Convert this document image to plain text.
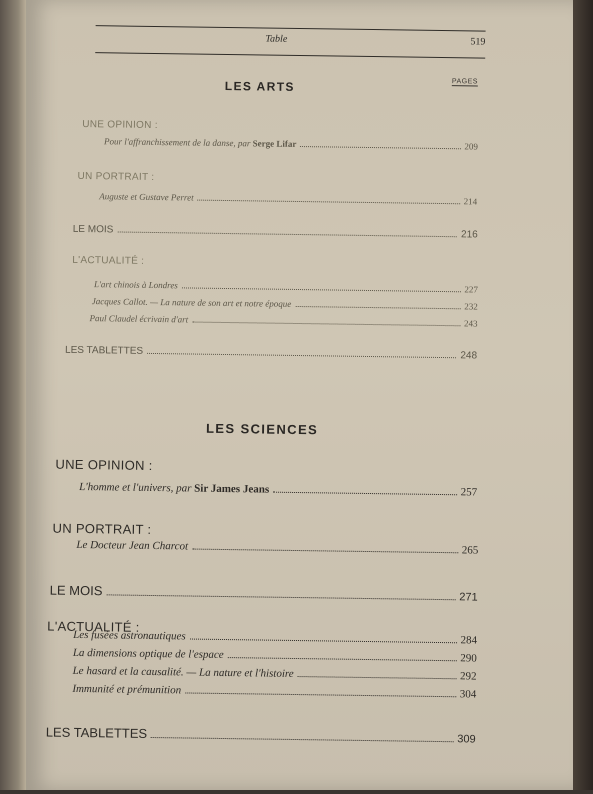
Table	519
LES ARTS	PAGES
UNE OPINION :
Pour l'affranchissement de la danse, par Serge Lifar	209
UN PORTRAIT :
Auguste et Gustave Perret	214
LE MOIS	216
L'ACTUALITÉ :
L'art chinois à Londres	227
Jacques Callot. — La nature de son art et notre époque	232
Paul Claudel écrivain d'art	243
LES TABLETTES	248
LES SCIENCES
UNE OPINION :
L'homme et l'univers, par Sir James Jeans	257
UN PORTRAIT :
Le Docteur Jean Charcot	265
LE MOIS	271
L'ACTUALITÉ :
Les fusées astronautiques	284
La dimensions optique de l'espace	290
Le hasard et la causalité. — La nature et l'histoire	292
Immunité et prémunition	304
LES TABLETTES	309
